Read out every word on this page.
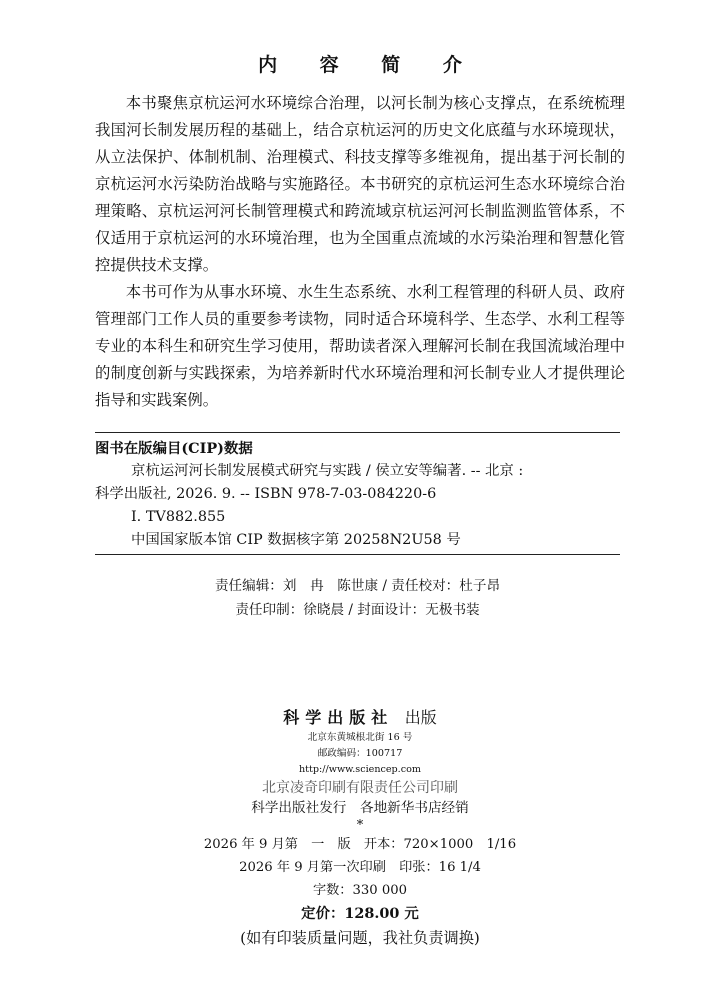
内 容 简 介

本书聚焦京杭运河水环境综合治理，以河长制为核心支撑点，在系统梳理我国河长制发展历程的基础上，结合京杭运河的历史文化底蕴与水环境现状，从立法保护、体制机制、治理模式、科技支撑等多维视角，提出基于河长制的京杭运河水污染防治战略与实施路径。本书研究的京杭运河生态水环境综合治理策略、京杭运河河长制管理模式和跨流域京杭运河河长制监测监管体系，不仅适用于京杭运河的水环境治理，也为全国重点流域的水污染治理和智慧化管控提供技术支撑。

本书可作为从事水环境、水生生态系统、水利工程管理的科研人员、政府管理部门工作人员的重要参考读物，同时适合环境科学、生态学、水利工程等专业的本科生和研究生学习使用，帮助读者深入理解河长制在我国流域治理中的制度创新与实践探索，为培养新时代水环境治理和河长制专业人才提供理论指导和实践案例。

图书在版编目(CIP)数据
京杭运河河长制发展模式研究与实践 / 侯立安等编著. -- 北京 :
科学出版社, 2026. 9. -- ISBN 978-7-03-084220-6
Ⅰ. TV882.855
中国国家版本馆 CIP 数据核字第 20258N2U58 号
责任编辑：刘　冉　陈世康 / 责任校对：杜子昂
责任印制：徐晓晨 / 封面设计：无极书装
科学出版社 出版
北京东黄城根北街 16 号
邮政编码：100717
http://www.sciencep.com
北京凌奇印刷有限责任公司印刷
科学出版社发行　各地新华书店经销
*
2026 年 9 月第　一　版　开本：720×1000　1/16
2026 年 9 月第一次印刷　印张：16 1/4
字数：330 000
定价：128.00 元
(如有印装质量问题，我社负责调换)
